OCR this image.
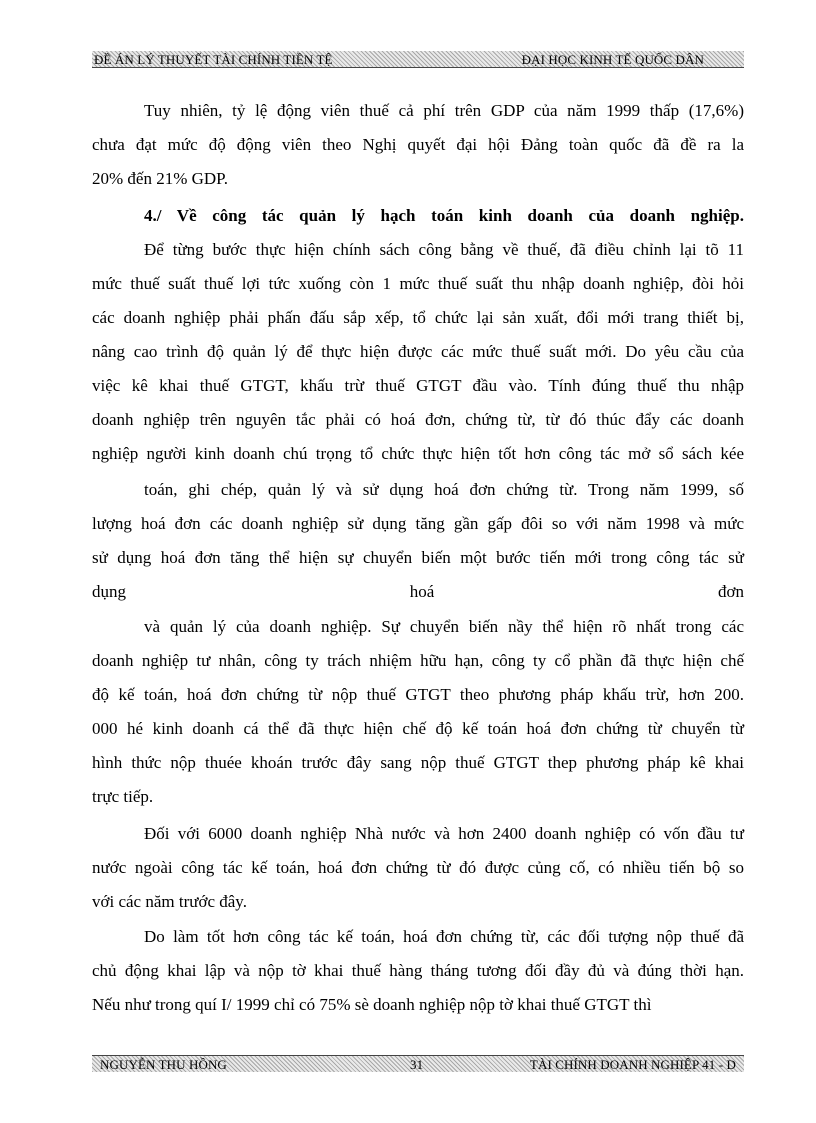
ĐỀ ÁN LÝ THUYẾT TÀI CHÍNH TIỀN TỆ	ĐẠI HỌC KINH TẾ QUỐC DÂN
Tuy nhiên, tỷ lệ động viên thuế cả phí trên GDP của năm 1999 thấp (17,6%)
chưa đạt mức độ động viên theo Nghị quyết đại hội Đảng toàn quốc đã đề ra la
20% đến 21% GDP.
4./ Về công tác quản lý hạch toán kinh doanh của doanh nghiệp.
Để từng bước thực hiện chính sách công bằng về thuế, đã điều chỉnh lại tõ 11
mức thuế suất thuế lợi tức xuống còn 1 mức thuế suất thu nhập doanh nghiệp, đòi hỏi
các doanh nghiệp phải phấn đấu sắp xếp, tổ chức lại sản xuất, đổi mới trang thiết bị,
nâng cao trình độ quản lý để thực hiện được các mức thuế suất mới. Do yêu cầu của
việc kê khai thuế GTGT, khấu trừ thuế GTGT đầu vào. Tính đúng thuế thu nhập
doanh nghiệp trên nguyên tắc phải có hoá đơn, chứng từ, từ đó thúc đẩy các doanh
nghiệp người kinh doanh chú trọng tổ chức thực hiện tốt hơn công tác mở sổ sách kée
toán, ghi chép, quản lý và sử dụng hoá đơn chứng từ. Trong năm 1999, số
lượng hoá đơn các doanh nghiệp sử dụng tăng gần gấp đôi so với năm 1998 và mức
sử dụng hoá đơn tăng thể hiện sự chuyển biến một bước tiến mới trong công tác sử
dụng hoá đơn
và quản lý của doanh nghiệp. Sự chuyển biến nầy thể hiện rõ nhất trong các
doanh nghiệp tư nhân, công ty trách nhiệm hữu hạn, công ty cổ phần đã thực hiện chế
độ kế toán, hoá đơn chứng từ nộp thuế GTGT theo phương pháp khấu trừ, hơn 200.
000 hé kinh doanh cá thể đã thực hiện chế độ kế toán hoá đơn chứng từ chuyển từ
hình thức nộp thuée khoán trước đây sang nộp thuế GTGT thep phương pháp kê khai
trực tiếp.
Đối với 6000 doanh nghiệp Nhà nước và hơn 2400 doanh nghiệp có vốn đầu tư
nước ngoài công tác kế toán, hoá đơn chứng từ đó được củng cố, có nhiều tiến bộ so
với các năm trước đây.
Do làm tốt hơn công tác kế toán, hoá đơn chứng từ, các đối tượng nộp thuế đã
chủ động khai lập và nộp tờ khai thuế hàng tháng tương đối đầy đủ và đúng thời hạn.
Nếu như trong quí I/ 1999 chỉ có 75% sè doanh nghiệp nộp tờ khai thuế GTGT thì
NGUYỄN THU HỒNG	31	TÀI CHÍNH DOANH NGHIỆP 41 - D
